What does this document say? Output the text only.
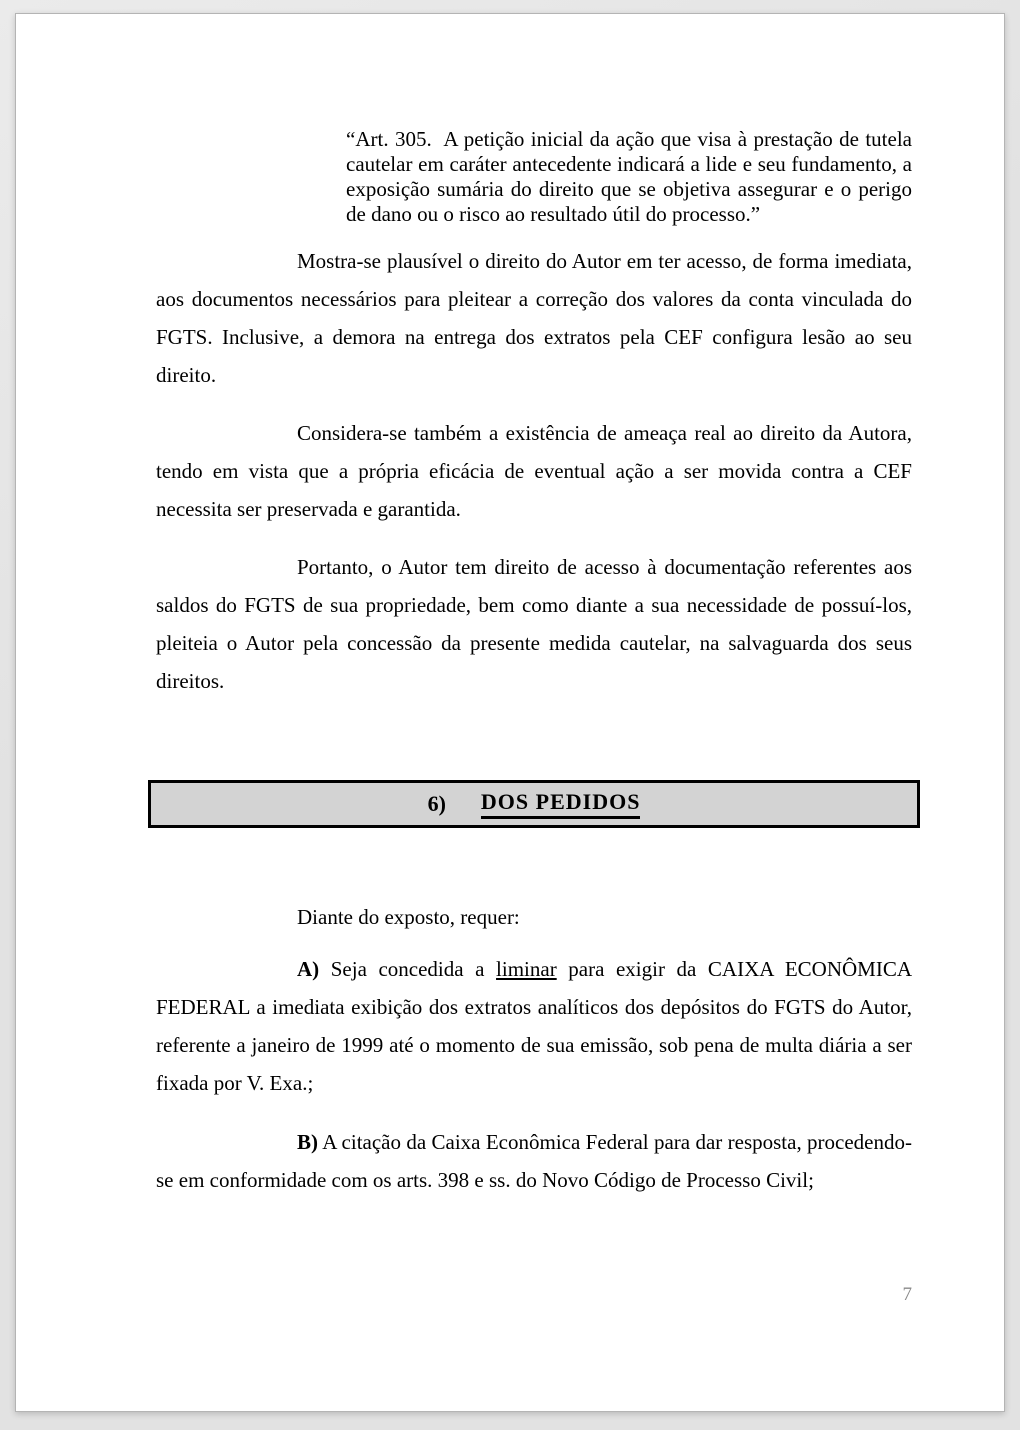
“Art. 305.  A petição inicial da ação que visa à prestação de tutela cautelar em caráter antecedente indicará a lide e seu fundamento, a exposição sumária do direito que se objetiva assegurar e o perigo de dano ou o risco ao resultado útil do processo.”

Mostra-se plausível o direito do Autor em ter acesso, de forma imediata, aos documentos necessários para pleitear a correção dos valores da conta vinculada do FGTS. Inclusive, a demora na entrega dos extratos pela CEF configura lesão ao seu direito.

Considera-se também a existência de ameaça real ao direito da Autora, tendo em vista que a própria eficácia de eventual ação a ser movida contra a CEF necessita ser preservada e garantida.

Portanto, o Autor tem direito de acesso à documentação referentes aos saldos do FGTS de sua propriedade, bem como diante a sua necessidade de possuí-los, pleiteia o Autor pela concessão da presente medida cautelar, na salvaguarda dos seus direitos.

6) DOS PEDIDOS

Diante do exposto, requer:

A) Seja concedida a liminar para exigir da CAIXA ECONÔMICA FEDERAL a imediata exibição dos extratos analíticos dos depósitos do FGTS do Autor, referente a janeiro de 1999 até o momento de sua emissão, sob pena de multa diária a ser fixada por V. Exa.;

B) A citação da Caixa Econômica Federal para dar resposta, procedendo-se em conformidade com os arts. 398 e ss. do Novo Código de Processo Civil;

7
